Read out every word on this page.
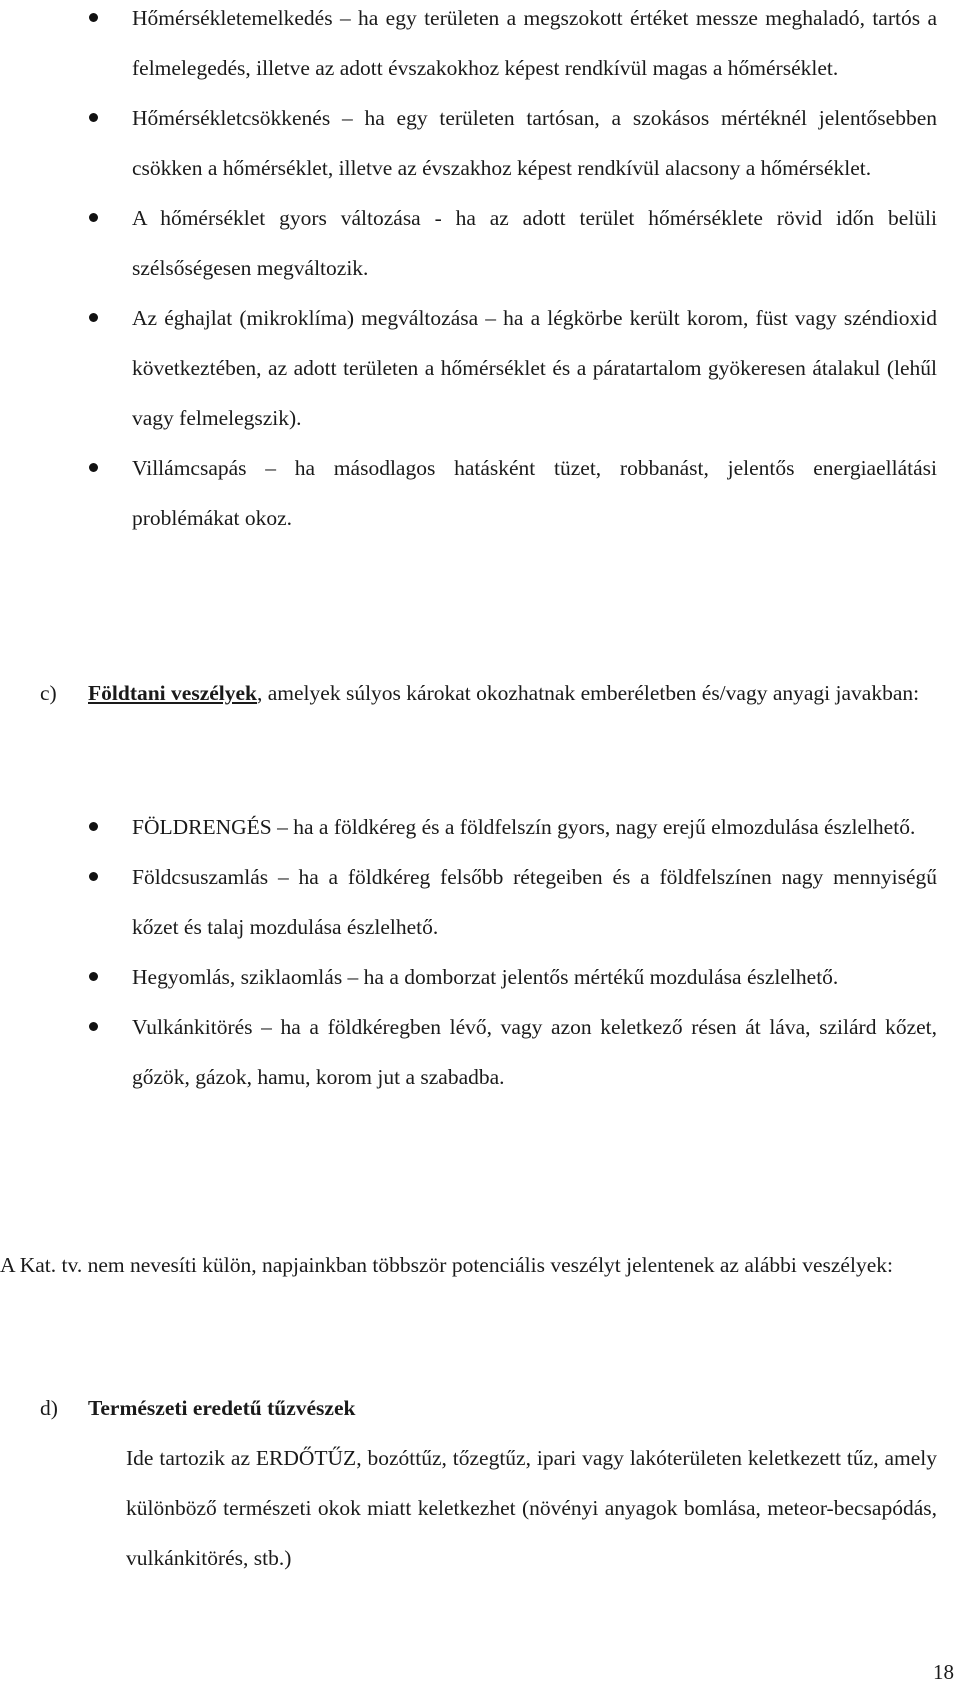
Hőmérsékletemelkedés – ha egy területen a megszokott értéket messze meghaladó, tartós a felmelegedés, illetve az adott évszakokhoz képest rendkívül magas a hőmérséklet.
Hőmérsékletcsökkenés – ha egy területen tartósan, a szokásos mértéknél jelentősebben csökken a hőmérséklet, illetve az évszakhoz képest rendkívül alacsony a hőmérséklet.
A hőmérséklet gyors változása - ha az adott terület hőmérséklete rövid időn belüli szélsőségesen megváltozik.
Az éghajlat (mikroklíma) megváltozása – ha a légkörbe került korom, füst vagy széndioxid következtében, az adott területen a hőmérséklet és a páratartalom gyökeresen átalakul (lehűl vagy felmelegszik).
Villámcsapás – ha másodlagos hatásként tüzet, robbanást, jelentős energiaellátási problémákat okoz.
c) Földtani veszélyek, amelyek súlyos károkat okozhatnak emberéletben és/vagy anyagi javakban:
FÖLDRENGÉS – ha a földkéreg és a földfelszín gyors, nagy erejű elmozdulása észlelhető.
Földcsuszamlás – ha a földkéreg felsőbb rétegeiben és a földfelszínen nagy mennyiségű kőzet és talaj mozdulása észlelhető.
Hegyomlás, sziklaomlás – ha a domborzat jelentős mértékű mozdulása észlelhető.
Vulkánkitörés – ha a földkéregben lévő, vagy azon keletkező résen át láva, szilárd kőzet, gőzök, gázok, hamu, korom jut a szabadba.
A Kat. tv. nem nevesíti külön, napjainkban többször potenciális veszélyt jelentenek az alábbi veszélyek:
d) Természeti eredetű tűzvészek
Ide tartozik az ERDŐTŰZ, bozóttűz, tőzegtűz, ipari vagy lakóterületen keletkezett tűz, amely különböző természeti okok miatt keletkezhet (növényi anyagok bomlása, meteor-becsapódás, vulkánkitörés, stb.)
18
